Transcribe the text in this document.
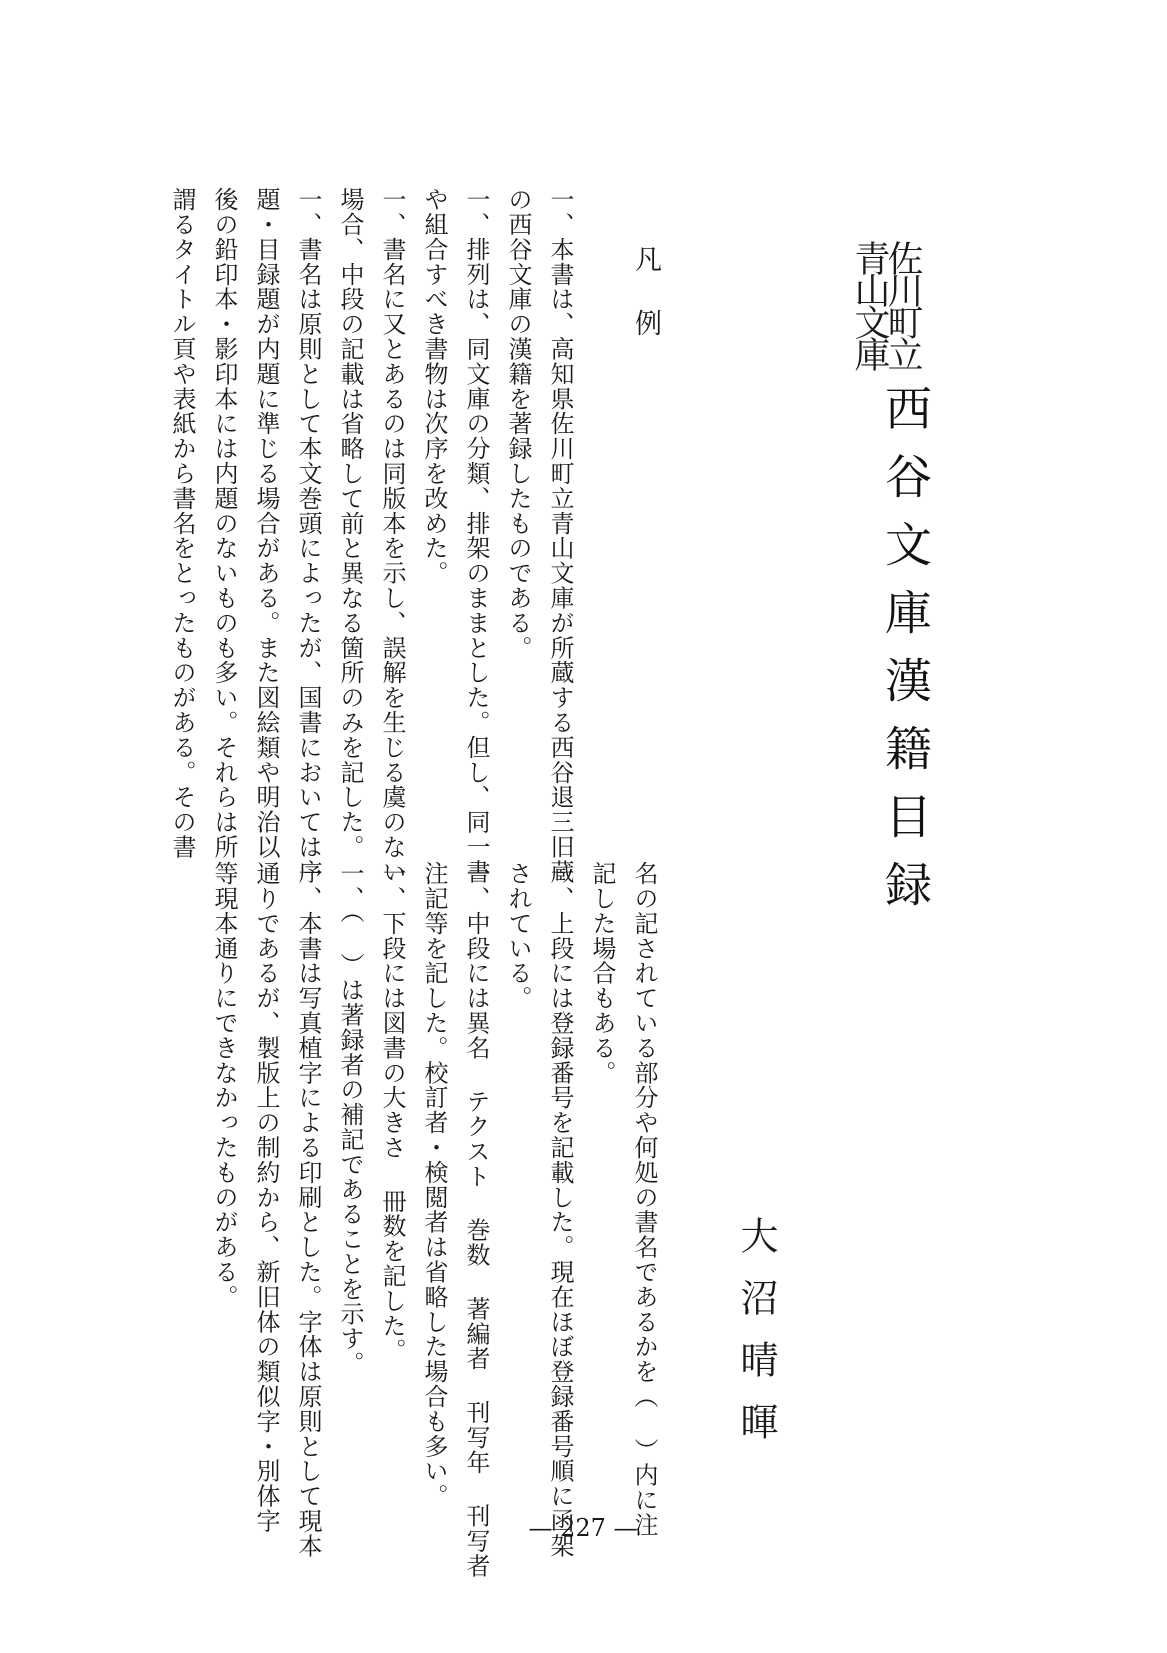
佐川町立

青山文庫

西谷文庫漢籍目録

大沼晴暉

凡例

一、本書は、高知県佐川町立青山文庫が所蔵する西谷退三旧蔵

の西谷文庫の漢籍を著録したものである。

一、排列は、同文庫の分類、排架のままとした。但し、同一書

や組合すべき書物は次序を改めた。

一、書名に又とあるのは同版本を示し、誤解を生じる虞のない

場合、中段の記載は省略して前と異なる箇所のみを記した。

一、書名は原則として本文巻頭によったが、国書においては序

題・目録題が内題に準じる場合がある。また図絵類や明治以

後の鉛印本・影印本には内題のないものも多い。それらは所

謂るタイトル頁や表紙から書名をとったものがある。その書

名の記されている部分や何処の書名であるかを（ ）内に注

記した場合もある。

一、上段には登録番号を記載した。現在ほぼ登録番号順に函架

されている。

一、中段には異名 テクスト 巻数 著編者 刊写年 刊写者

注記等を記した。校訂者・検閲者は省略した場合も多い。

一、下段には図書の大きさ 冊数を記した。

一、（ ）は著録者の補記であることを示す。

一、本書は写真植字による印刷とした。字体は原則として現本

通りであるが、製版上の制約から、新旧体の類似字・別体字

等現本通りにできなかったものがある。

— 227 —
